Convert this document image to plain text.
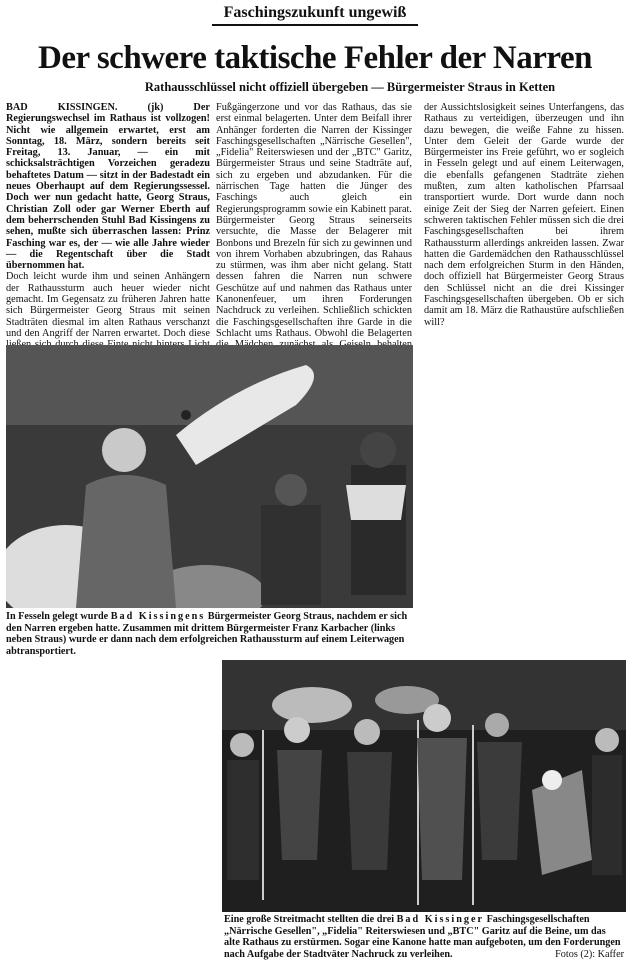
Faschingszukunft ungewiß
Der schwere taktische Fehler der Narren
Rathausschlüssel nicht offiziell übergeben — Bürgermeister Straus in Ketten

BAD KISSINGEN. (jk) Der Regierungswechsel im Rathaus ist vollzogen! Nicht wie allgemein erwartet, erst am Sonntag, 18. März, sondern bereits seit Freitag, 13. Januar, — ein mit schicksalsträchtigen Vorzeichen geradezu behaftetes Datum — sitzt in der Badestadt ein neues Oberhaupt auf dem Regierungssessel. Doch wer nun gedacht hatte, Georg Straus, Christian Zoll oder gar Werner Eberth auf dem beherrschenden Stuhl Bad Kissingens zu sehen, mußte sich überraschen lassen: Prinz Fasching war es, der — wie alle Jahre wieder — die Regentschaft über die Stadt übernommen hat.

Doch leicht wurde ihm und seinen Anhängern der Rathaussturm auch heuer wieder nicht gemacht. Im Gegensatz zu früheren Jahren hatte sich Bürgermeister Georg Straus mit seinen Stadträten diesmal im alten Rathaus verschanzt und den Angriff der Narren erwartet. Doch diese

Fußgängerzone und vor das Rathaus, das sie erst einmal belagerten. Unter dem Beifall ihrer Anhänger forderten die Narren der Kissinger Faschingsgesellschaften „Närrische Gesellen", „Fidelia" Reiterswiesen und der „BTC" Garitz, Bürgermeister Straus und seine Stadträte auf, sich zu ergeben und abzudanken. Für die närrischen Tage hatten die Jünger des Faschings auch gleich ein Regierungsprogramm sowie ein Kabinett parat. Bürgermeister Georg Straus seinerseits versuchte, die Masse der Belagerer mit Bonbons und Brezeln für sich zu gewinnen und von ihrem Vorhaben abzubringen, das Rahaus zu stürmen, was ihm aber nicht gelang. Statt dessen fahren die Narren nun schwere Geschütze auf und nahmen das Rathaus unter Kanonenfeuer, um ihren Forderungen Nachdruck zu verleihen. Schließlich schickten die Faschingsgesellschaften ihre Garde in die Schlacht ums Rathaus. Obwohl die Belagerten
der Aussichtslosigkeit seines Unterfangens, das Rathaus zu verteidigen, überzeugen und ihn dazu bewegen, die weiße Fahne zu hissen. Unter dem Geleit der Garde wurde der Bürgermeister ins Freie geführt, wo er sogleich in Fesseln gelegt und auf einem Leiterwagen, die ebenfalls gefangenen Stadträte ziehen mußten, zum alten katholischen Pfarrsaal transportiert wurde. Dort wurde dann noch einige Zeit der Sieg der Narren gefeiert. Einen schweren taktischen Fehler müssen sich die drei Faschingsgesellschaften bei ihrem Rathaussturm allerdings ankreiden lassen. Zwar hatten die Gardemädchen den Rathausschlüssel nach dem erfolgreichen Sturm in den Händen, doch offiziell hat Bürgermeister Georg Straus den Schlüssel nicht an die drei Kissinger Faschingsgesellschaften übergeben. Ob er sich damit am 18. März die Rathaustüre aufschließen will?
In Fesseln gelegt wurde Bad Kissingens Bürgermeister Georg Straus, nachdem er sich den Narren ergeben hatte. Zusammen mit drittem Bürgermeister Franz Karbacher (links neben Straus) wurde er dann nach dem erfolgreichen Rathaussturm auf einem Leiterwagen abtransportiert.
Eine große Streitmacht stellten die drei Bad Kissinger Faschingsgesellschaften „Närrische Gesellen", „Fidelia" Reiterswiesen und „BTC" Garitz auf die Beine, um das alte Rathaus zu erstürmen. Sogar eine Kanone hatte man aufgeboten, um den Forderungen nach Aufgabe der Stadtväter Nachruck zu verleihen.	Fotos (2): Kaffer
